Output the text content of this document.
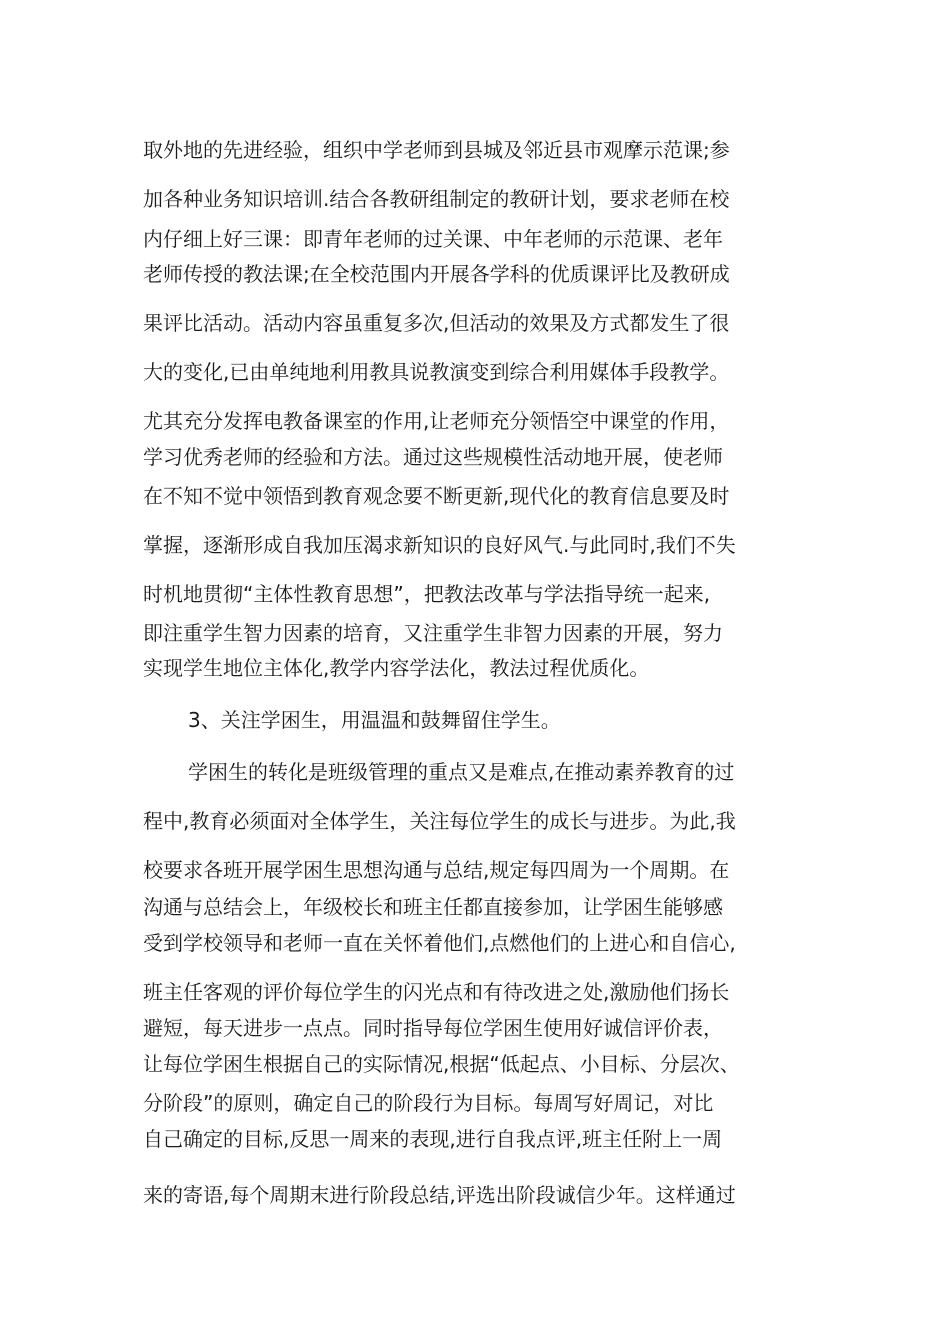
取外地的先进经验，组织中学老师到县城及邻近县市观摩示范课;参
加各种业务知识培训.结合各教研组制定的教研计划，要求老师在校
内仔细上好三课：即青年老师的过关课、中年老师的示范课、老年
老师传授的教法课;在全校范围内开展各学科的优质课评比及教研成
果评比活动。活动内容虽重复多次,但活动的效果及方式都发生了很
大的变化,已由单纯地利用教具说教演变到综合利用媒体手段教学。
尤其充分发挥电教备课室的作用,让老师充分领悟空中课堂的作用，
学习优秀老师的经验和方法。通过这些规模性活动地开展，使老师
在不知不觉中领悟到教育观念要不断更新,现代化的教育信息要及时
掌握，逐渐形成自我加压渴求新知识的良好风气.与此同时,我们不失
时机地贯彻“主体性教育思想”，把教法改革与学法指导统一起来,
即注重学生智力因素的培育，又注重学生非智力因素的开展，努力
实现学生地位主体化,教学内容学法化，教法过程优质化。
3、关注学困生，用温温和鼓舞留住学生。
学困生的转化是班级管理的重点又是难点,在推动素养教育的过
程中,教育必须面对全体学生，关注每位学生的成长与进步。为此,我
校要求各班开展学困生思想沟通与总结,规定每四周为一个周期。在
沟通与总结会上，年级校长和班主任都直接参加，让学困生能够感
受到学校领导和老师一直在关怀着他们,点燃他们的上进心和自信心,
班主任客观的评价每位学生的闪光点和有待改进之处,激励他们扬长
避短，每天进步一点点。同时指导每位学困生使用好诚信评价表，
让每位学困生根据自己的实际情况,根据“低起点、小目标、分层次、
分阶段”的原则，确定自己的阶段行为目标。每周写好周记，对比
自己确定的目标,反思一周来的表现,进行自我点评,班主任附上一周
来的寄语,每个周期末进行阶段总结,评选出阶段诚信少年。这样通过
